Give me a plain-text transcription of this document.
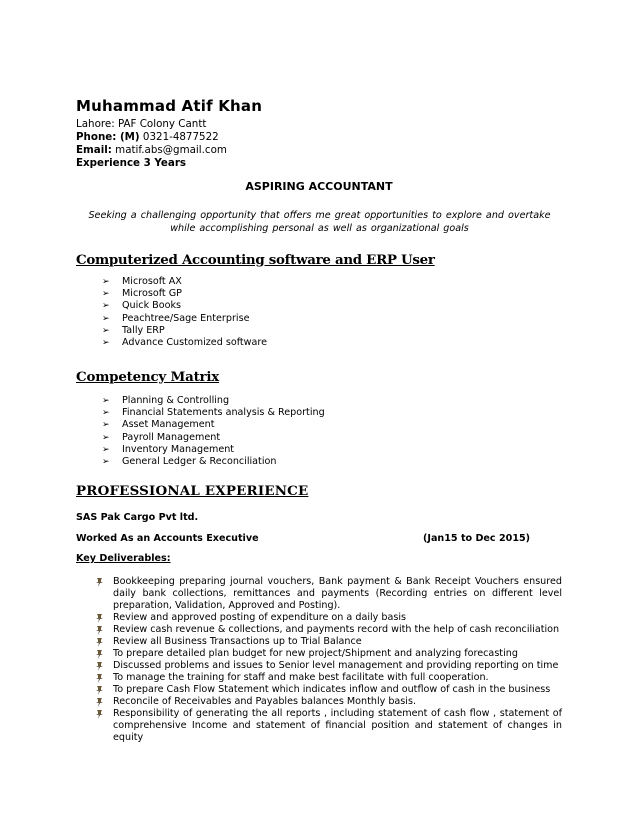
Muhammad Atif Khan
Lahore: PAF Colony Cantt
Phone: (M) 0321-4877522
Email: matif.abs@gmail.com
Experience 3 Years
ASPIRING ACCOUNTANT
Seeking a challenging opportunity that offers me great opportunities to explore and overtake while accomplishing personal as well as organizational goals
Computerized Accounting software and ERP User
➢ Microsoft AX
➢ Microsoft GP
➢ Quick Books
➢ Peachtree/Sage Enterprise
➢ Tally ERP
➢ Advance Customized software
Competency Matrix
➢ Planning & Controlling
➢ Financial Statements analysis & Reporting
➢ Asset Management
➢ Payroll Management
➢ Inventory Management
➢ General Ledger & Reconciliation
PROFESSIONAL EXPERIENCE
SAS Pak Cargo Pvt ltd.
Worked As an Accounts Executive	(Jan15 to Dec 2015)
Key Deliverables:
Bookkeeping preparing journal vouchers, Bank payment & Bank Receipt Vouchers ensured daily bank collections, remittances and payments (Recording entries on different level preparation, Validation, Approved and Posting).
Review and approved posting of expenditure on a daily basis
Review cash revenue & collections, and payments record with the help of cash reconciliation
Review all Business Transactions up to Trial Balance
To prepare detailed plan budget for new project/Shipment and analyzing forecasting
Discussed problems and issues to Senior level management and providing reporting on time
To manage the training for staff and make best facilitate with full cooperation.
To prepare Cash Flow Statement which indicates inflow and outflow of cash in the business
Reconcile of Receivables and Payables balances Monthly basis.
Responsibility of generating the all reports , including statement of cash flow , statement of comprehensive Income and statement of financial position and statement of changes in equity
